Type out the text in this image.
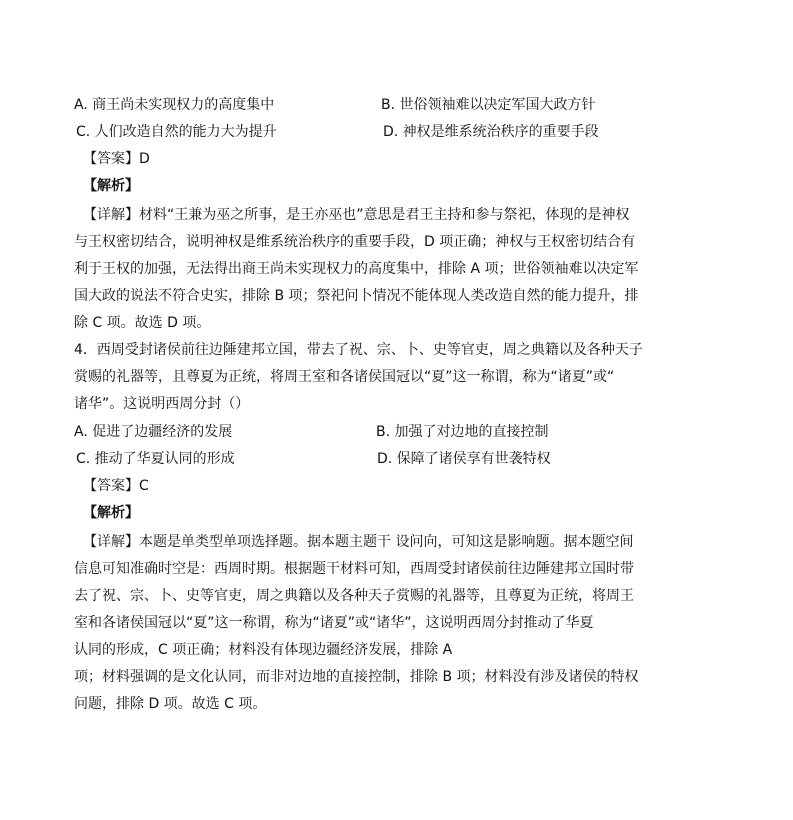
A. 商王尚未实现权力的高度集中	B. 世俗领袖难以决定军国大政方针
C. 人们改造自然的能力大为提升	D. 神权是维系统治秩序的重要手段
【答案】D
【解析】
【详解】材料“王兼为巫之所事，是王亦巫也”意思是君王主持和参与祭祀，体现的是神权
与王权密切结合，说明神权是维系统治秩序的重要手段，D 项正确；神权与王权密切结合有
利于王权的加强，无法得出商王尚未实现权力的高度集中，排除 A 项；世俗领袖难以决定军
国大政的说法不符合史实，排除 B 项；祭祀问卜情况不能体现人类改造自然的能力提升，排
除 C 项。故选 D 项。
4．西周受封诸侯前往边陲建邦立国，带去了祝、宗、卜、史等官吏，周之典籍以及各种天子
赏赐的礼器等，且尊夏为正统，将周王室和各诸侯国冠以“夏”这一称谓，称为“诸夏”或“
诸华”。这说明西周分封（）
A. 促进了边疆经济的发展	B. 加强了对边地的直接控制
C. 推动了华夏认同的形成	D. 保障了诸侯享有世袭特权
【答案】C
【解析】
【详解】本题是单类型单项选择题。据本题主题干 设问向，可知这是影响题。据本题空间
信息可知准确时空是：西周时期。根据题干材料可知，西周受封诸侯前往边陲建邦立国时带
去了祝、宗、卜、史等官吏，周之典籍以及各种天子赏赐的礼器等，且尊夏为正统，将周王
室和各诸侯国冠以“夏”这一称谓，称为“诸夏”或“诸华”，这说明西周分封推动了华夏
认同的形成，C 项正确；材料没有体现边疆经济发展，排除 A
项；材料强调的是文化认同，而非对边地的直接控制，排除 B 项；材料没有涉及诸侯的特权
问题，排除 D 项。故选 C 项。
